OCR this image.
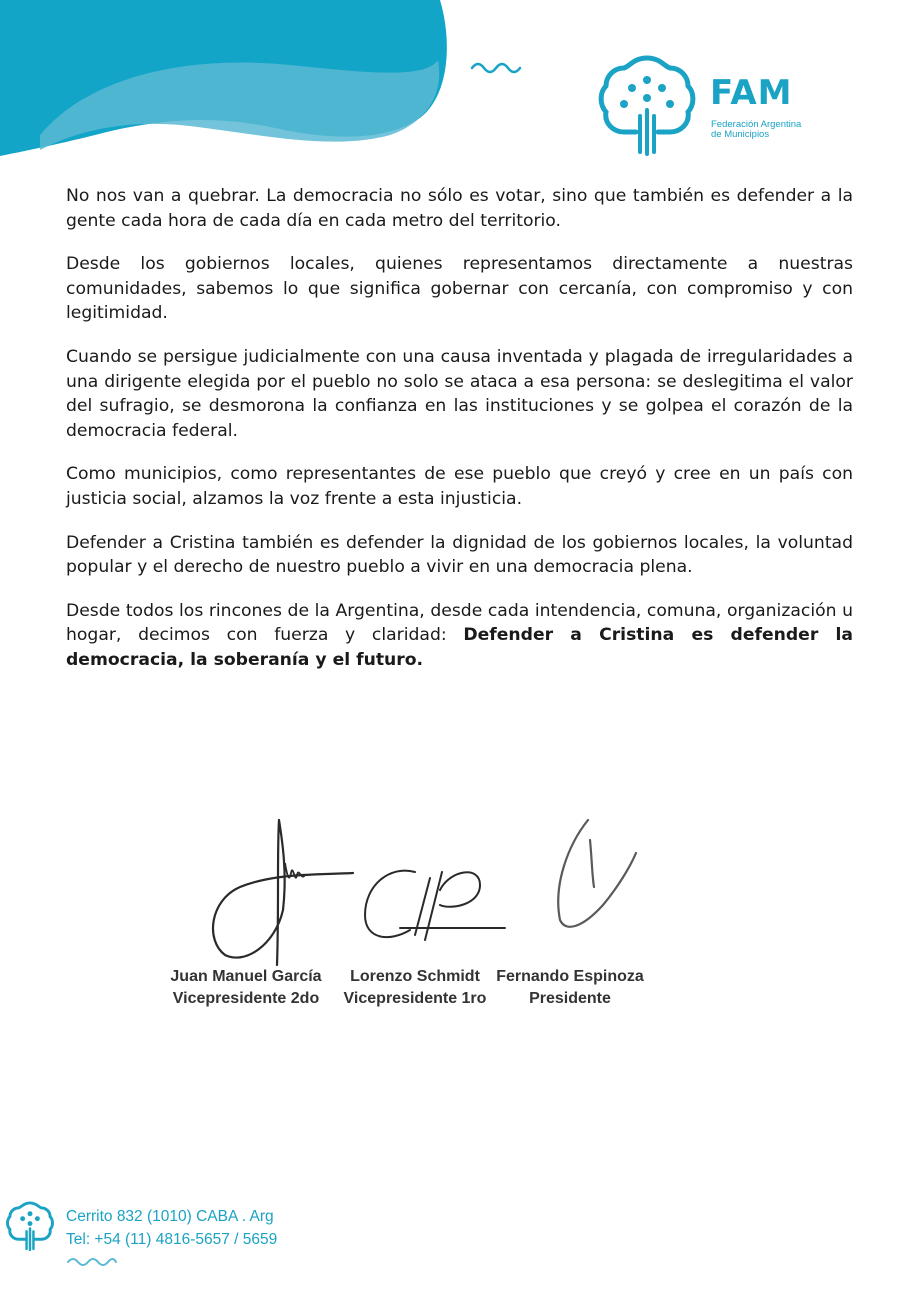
FAM
Federación Argentina
de Municipios

No nos van a quebrar. La democracia no sólo es votar, sino que también es defender a la gente cada hora de cada día en cada metro del territorio.

Desde los gobiernos locales, quienes representamos directamente a nuestras comunidades, sabemos lo que significa gobernar con cercanía, con compromiso y con legitimidad.

Cuando se persigue judicialmente con una causa inventada y plagada de irregularidades a una dirigente elegida por el pueblo no solo se ataca a esa persona: se deslegitima el valor del sufragio, se desmorona la confianza en las instituciones y se golpea el corazón de la democracia federal.

Como municipios, como representantes de ese pueblo que creyó y cree en un país con justicia social, alzamos la voz frente a esta injusticia.

Defender a Cristina también es defender la dignidad de los gobiernos locales, la voluntad popular y el derecho de nuestro pueblo a vivir en una democracia plena.

Desde todos los rincones de la Argentina, desde cada intendencia, comuna, organización u hogar, decimos con fuerza y claridad: Defender a Cristina es defender la democracia, la soberanía y el futuro.

Juan Manuel García
Vicepresidente 2do
Lorenzo Schmidt
Vicepresidente 1ro
Fernando Espinoza
Presidente
Cerrito 832 (1010) CABA . Arg
Tel: +54 (11) 4816-5657 / 5659
